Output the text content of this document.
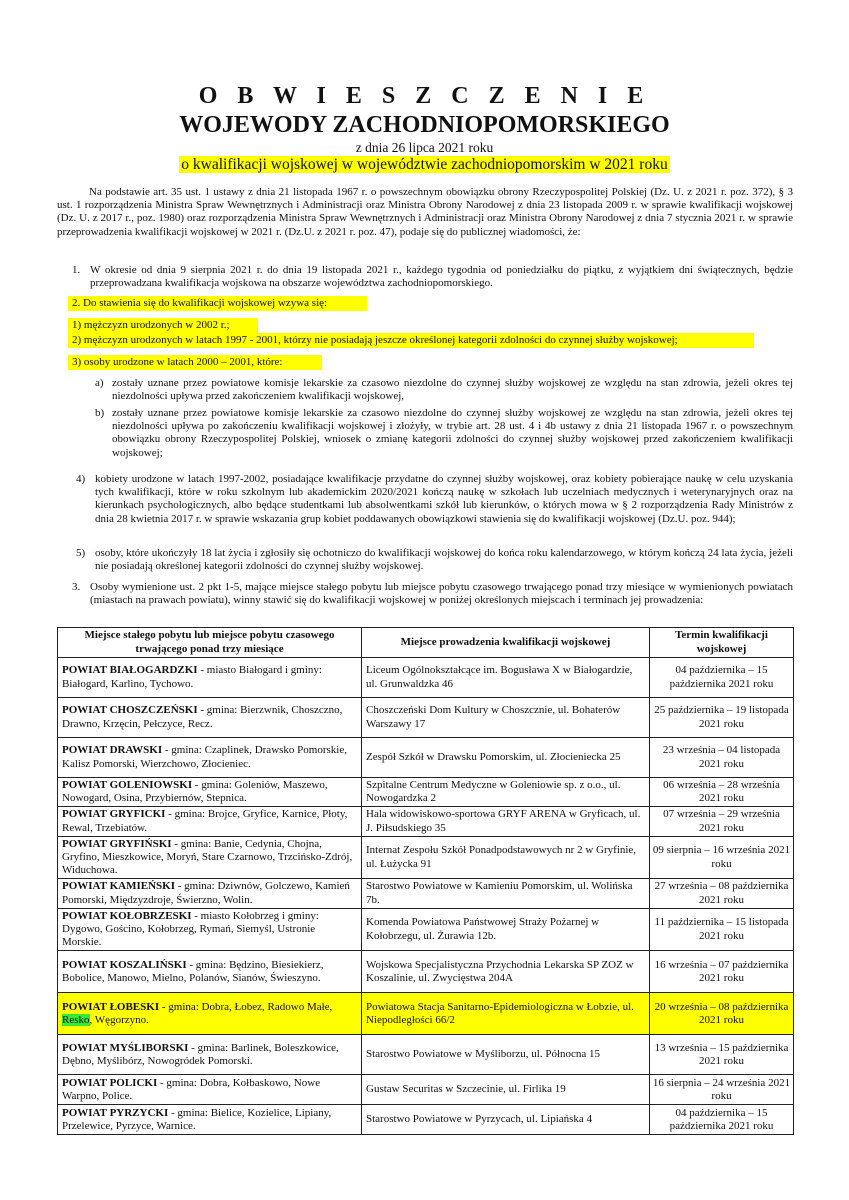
O B W I E S Z C Z E N I E
WOJEWODY ZACHODNIOPOMORSKIEGO
z dnia 26 lipca 2021 roku
o kwalifikacji wojskowej w województwie zachodniopomorskim w 2021 roku
Na podstawie art. 35 ust. 1 ustawy z dnia 21 listopada 1967 r. o powszechnym obowiązku obrony Rzeczypospolitej Polskiej (Dz. U. z 2021 r. poz. 372), § 3 ust. 1 rozporządzenia Ministra Spraw Wewnętrznych i Administracji oraz Ministra Obrony Narodowej z dnia 23 listopada 2009 r. w sprawie kwalifikacji wojskowej (Dz. U. z 2017 r., poz. 1980) oraz rozporządzenia Ministra Spraw Wewnętrznych i Administracji oraz Ministra Obrony Narodowej z dnia 7 stycznia 2021 r. w sprawie przeprowadzenia kwalifikacji wojskowej w 2021 r. (Dz.U. z 2021 r. poz. 47), podaje się do publicznej wiadomości, że:
1. W okresie od dnia 9 sierpnia 2021 r. do dnia 19 listopada 2021 r., każdego tygodnia od poniedziałku do piątku, z wyjątkiem dni świątecznych, będzie przeprowadzana kwalifikacja wojskowa na obszarze województwa zachodniopomorskiego.
2. Do stawienia się do kwalifikacji wojskowej wzywa się:
1) mężczyzn urodzonych w 2002 r.;
2) mężczyzn urodzonych w latach 1997 - 2001, którzy nie posiadają jeszcze określonej kategorii zdolności do czynnej służby wojskowej;
3) osoby urodzone w latach 2000 – 2001, które:
a) zostały uznane przez powiatowe komisje lekarskie za czasowo niezdolne do czynnej służby wojskowej ze względu na stan zdrowia, jeżeli okres tej niezdolności upływa przed zakończeniem kwalifikacji wojskowej,
b) zostały uznane przez powiatowe komisje lekarskie za czasowo niezdolne do czynnej służby wojskowej ze względu na stan zdrowia, jeżeli okres tej niezdolności upływa po zakończeniu kwalifikacji wojskowej i złożyły, w trybie art. 28 ust. 4 i 4b ustawy z dnia 21 listopada 1967 r. o powszechnym obowiązku obrony Rzeczypospolitej Polskiej, wniosek o zmianę kategorii zdolności do czynnej służby wojskowej przed zakończeniem kwalifikacji wojskowej;
4) kobiety urodzone w latach 1997-2002, posiadające kwalifikacje przydatne do czynnej służby wojskowej, oraz kobiety pobierające naukę w celu uzyskania tych kwalifikacji, które w roku szkolnym lub akademickim 2020/2021 kończą naukę w szkołach lub uczelniach medycznych i weterynaryjnych oraz na kierunkach psychologicznych, albo będące studentkami lub absolwentkami szkół lub kierunków, o których mowa w § 2 rozporządzenia Rady Ministrów z dnia 28 kwietnia 2017 r. w sprawie wskazania grup kobiet poddawanych obowiązkowi stawienia się do kwalifikacji wojskowej (Dz.U. poz. 944);
5) osoby, które ukończyły 18 lat życia i zgłosiły się ochotniczo do kwalifikacji wojskowej do końca roku kalendarzowego, w którym kończą 24 lata życia, jeżeli nie posiadają określonej kategorii zdolności do czynnej służby wojskowej.
3. Osoby wymienione ust. 2 pkt 1-5, mające miejsce stałego pobytu lub miejsce pobytu czasowego trwającego ponad trzy miesiące w wymienionych powiatach (miastach na prawach powiatu), winny stawić się do kwalifikacji wojskowej w poniżej określonych miejscach i terminach jej prowadzenia:
Miejsce stałego pobytu lub miejsce pobytu czasowego trwającego ponad trzy miesiące	Miejsce prowadzenia kwalifikacji wojskowej	Termin kwalifikacji wojskowej
POWIAT BIAŁOGARDZKI - miasto Białogard i gminy: Białogard, Karlino, Tychowo.	Liceum Ogólnokształcące im. Bogusława X w Białogardzie, ul. Grunwaldzka 46	04 października – 15 października 2021 roku
POWIAT CHOSZCZEŃSKI - gmina: Bierzwnik, Choszczno, Drawno, Krzęcin, Pełczyce, Recz.	Choszczeński Dom Kultury w Choszcznie, ul. Bohaterów Warszawy 17	25 października – 19 listopada 2021 roku
POWIAT DRAWSKI - gmina: Czaplinek, Drawsko Pomorskie, Kalisz Pomorski, Wierzchowo, Złocieniec.	Zespół Szkół w Drawsku Pomorskim, ul. Złocieniecka 25	23 września – 04 listopada 2021 roku
POWIAT GOLENIOWSKI - gmina: Goleniów, Maszewo, Nowogard, Osina, Przybiernów, Stepnica.	Szpitalne Centrum Medyczne w Goleniowie sp. z o.o., ul. Nowogardzka 2	06 września – 28 września 2021 roku
POWIAT GRYFICKI - gmina: Brojce, Gryfice, Karnice, Płoty, Rewal, Trzebiatów.	Hala widowiskowo-sportowa GRYF ARENA w Gryficach, ul. J. Piłsudskiego 35	07 września – 29 września 2021 roku
POWIAT GRYFIŃSKI - gmina: Banie, Cedynia, Chojna, Gryfino, Mieszkowice, Moryń, Stare Czarnowo, Trzcińsko-Zdrój, Widuchowa.	Internat Zespołu Szkół Ponadpodstawowych nr 2 w Gryfinie, ul. Łużycka 91	09 sierpnia – 16 września 2021 roku
POWIAT KAMIEŃSKI - gmina: Dziwnów, Golczewo, Kamień Pomorski, Międzyzdroje, Świerzno, Wolin.	Starostwo Powiatowe w Kamieniu Pomorskim, ul. Wolińska 7b.	27 września – 08 października 2021 roku
POWIAT KOŁOBRZESKI - miasto Kołobrzeg i gminy: Dygowo, Gościno, Kołobrzeg, Rymań, Siemyśl, Ustronie Morskie.	Komenda Powiatowa Państwowej Straży Pożarnej w Kołobrzegu, ul. Żurawia 12b.	11 października – 15 listopada 2021 roku
POWIAT KOSZALIŃSKI - gmina: Będzino, Biesiekierz, Bobolice, Manowo, Mielno, Polanów, Sianów, Świeszyno.	Wojskowa Specjalistyczna Przychodnia Lekarska SP ZOZ w Koszalinie, ul. Zwycięstwa 204A	16 września – 07 października 2021 roku
POWIAT ŁOBESKI - gmina: Dobra, Łobez, Radowo Małe, Resko, Węgorzyno.	Powiatowa Stacja Sanitarno-Epidemiologiczna w Łobzie, ul. Niepodległości 66/2	20 września – 08 października 2021 roku
POWIAT MYŚLIBORSKI - gmina: Barlinek, Boleszkowice, Dębno, Myślibórz, Nowogródek Pomorski.	Starostwo Powiatowe w Myśliborzu, ul. Północna 15	13 września – 15 października 2021 roku
POWIAT POLICKI - gmina: Dobra, Kołbaskowo, Nowe Warpno, Police.	Gustaw Securitas w Szczecinie, ul. Firlika 19	16 sierpnia – 24 września 2021 roku
POWIAT PYRZYCKI - gmina: Bielice, Kozielice, Lipiany, Przelewice, Pyrzyce, Warnice.	Starostwo Powiatowe w Pyrzycach, ul. Lipiańska 4	04 października – 15 października 2021 roku
